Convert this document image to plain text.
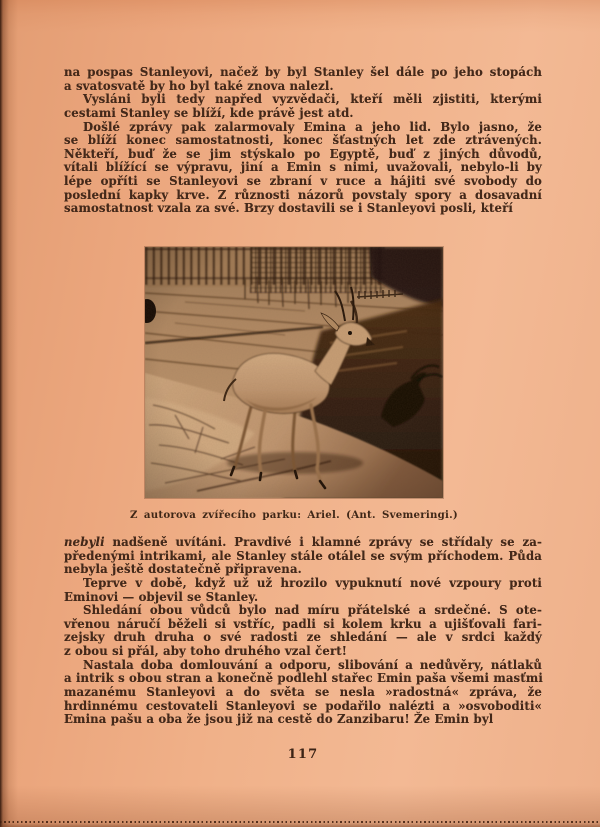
na pospas Stanleyovi, načež by byl Stanley šel dále po jeho stopách
a svatosvatě by ho byl také znova nalezl.
Vysláni byli tedy napřed vyzvědači, kteří měli zjistiti, kterými
cestami Stanley se blíží, kde právě jest atd.
Došlé zprávy pak zalarmovaly Emina a jeho lid. Bylo jasno, že
se blíží konec samostatnosti, konec šťastných let zde ztrávených.
Někteří, buď že se jim stýskalo po Egyptě, buď z jiných důvodů,
vítali blížící se výpravu, jiní a Emin s nimi, uvažovali, nebylo-li by
lépe opříti se Stanleyovi se zbraní v ruce a hájiti své svobody do
poslední kapky krve. Z různosti názorů povstaly spory a dosavadní
samostatnost vzala za své. Brzy dostavili se i Stanleyovi posli, kteří
Z autorova zvířecího parku: Ariel. (Ant. Svemeringi.)
nebyli nadšeně uvítáni. Pravdivé i klamné zprávy se střídaly se za-
předenými intrikami, ale Stanley stále otálel se svým příchodem. Půda
nebyla ještě dostatečně připravena.
Teprve v době, když už už hrozilo vypuknutí nové vzpoury proti
Eminovi — objevil se Stanley.
Shledání obou vůdců bylo nad míru přátelské a srdečné. S ote-
vřenou náručí běželi si vstříc, padli si kolem krku a ujišťovali fari-
zejsky druh druha o své radosti ze shledání — ale v srdci každý
z obou si přál, aby toho druhého vzal čert!
Nastala doba domlouvání a odporu, slibování a nedůvěry, nátlaků
a intrik s obou stran a konečně podlehl stařec Emin paša všemi masťmi
mazanému Stanleyovi a do světa se nesla »radostná« zpráva, že
hrdinnému cestovateli Stanleyovi se podařilo nalézti a »osvoboditi«
Emina pašu a oba že jsou již na cestě do Zanzibaru! Že Emin byl
117
